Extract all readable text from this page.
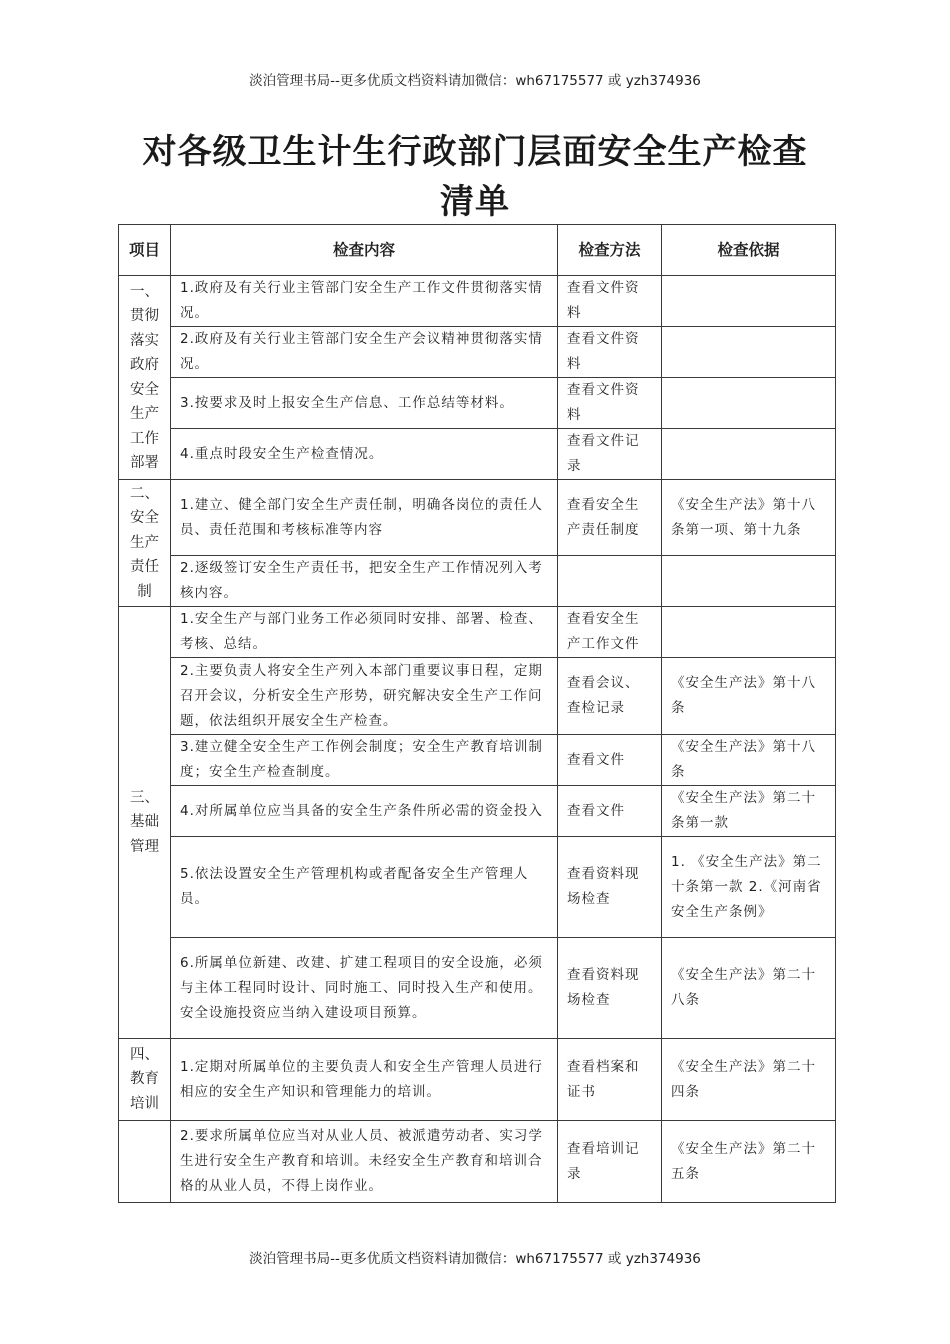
淡泊管理书局--更多优质文档资料请加微信：wh67175577 或 yzh374936
对各级卫生计生行政部门层面安全生产检查
清单
项目	检查内容	检查方法	检查依据
一、贯彻落实政府安全生产工作部署	1.政府及有关行业主管部门安全生产工作文件贯彻落实情况。	查看文件资料	
	2.政府及有关行业主管部门安全生产会议精神贯彻落实情况。	查看文件资料	
	3.按要求及时上报安全生产信息、工作总结等材料。	查看文件资料	
	4.重点时段安全生产检查情况。	查看文件记录	
二、安全生产责任制	1.建立、健全部门安全生产责任制，明确各岗位的责任人员、责任范围和考核标准等内容	查看安全生产责任制度	《安全生产法》第十八条第一项、第十九条
	2.逐级签订安全生产责任书，把安全生产工作情况列入考核内容。		
三、基础管理	1.安全生产与部门业务工作必须同时安排、部署、检查、考核、总结。	查看安全生产工作文件	
	2.主要负责人将安全生产列入本部门重要议事日程，定期召开会议，分析安全生产形势，研究解决安全生产工作问题，依法组织开展安全生产检查。	查看会议、查检记录	《安全生产法》第十八条
	3.建立健全安全生产工作例会制度；安全生产教育培训制度；安全生产检查制度。	查看文件	《安全生产法》第十八条
	4.对所属单位应当具备的安全生产条件所必需的资金投入	查看文件	《安全生产法》第二十条第一款
	5.依法设置安全生产管理机构或者配备安全生产管理人员。	查看资料现场检查	1. 《安全生产法》第二十条第一款 2.《河南省安全生产条例》
	6.所属单位新建、改建、扩建工程项目的安全设施，必须与主体工程同时设计、同时施工、同时投入生产和使用。安全设施投资应当纳入建设项目预算。	查看资料现场检查	《安全生产法》第二十八条
四、教育培训	1.定期对所属单位的主要负责人和安全生产管理人员进行相应的安全生产知识和管理能力的培训。	查看档案和证书	《安全生产法》第二十四条
	2.要求所属单位应当对从业人员、被派遣劳动者、实习学生进行安全生产教育和培训。未经安全生产教育和培训合格的从业人员，不得上岗作业。	查看培训记录	《安全生产法》第二十五条
淡泊管理书局--更多优质文档资料请加微信：wh67175577 或 yzh374936
